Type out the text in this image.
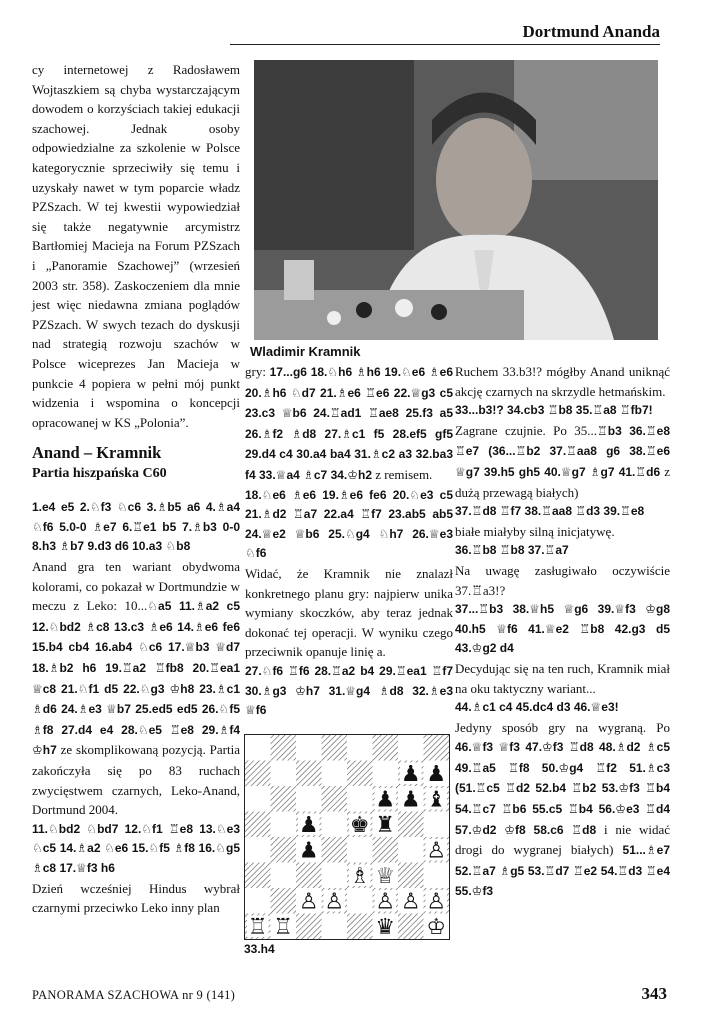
Dortmund Ananda

cy internetowej z Radosławem Wojtaszkiem są chyba wystarczającym dowodem o korzyściach takiej edukacji szachowej. Jednak osoby odpowiedzialne za szkolenie w Polsce kategorycznie sprzeciwiły się temu i uzyskały nawet w tym poparcie władz PZSzach. W tej kwestii wypowiedział się także negatywnie arcymistrz Bartłomiej Macieja na Forum PZSzach i „Panoramie Szachowej” (wrzesień 2003 str. 358). Zaskoczeniem dla mnie jest więc niedawna zmiana poglądów PZSzach. W swych tezach do dyskusji nad strategią rozwoju szachów w Polsce wiceprezes Jan Macieja w punkcie 4 popiera w pełni mój punkt widzenia i wspomina o koncepcji opracowanej w KS „Polonia”.

Anand – Kramnik

Partia hiszpańska C60

1.e4 e5 2.♘f3 ♘c6 3.♗b5 a6 4.♗a4 ♘f6 5.0-0 ♗e7 6.♖e1 b5 7.♗b3 0-0 8.h3 ♗b7 9.d3 d6 10.a3 ♘b8

Anand gra ten wariant obydwoma kolorami, co pokazał w Dortmundzie w meczu z Leko: 10...♘a5 11.♗a2 c5 12.♘bd2 ♗c8 13.c3 ♗e6 14.♗e6 fe6 15.b4 cb4 16.ab4 ♘c6 17.♕b3 ♕d7 18.♗b2 h6 19.♖a2 ♖fb8 20.♖ea1 ♕c8 21.♘f1 d5 22.♘g3 ♔h8 23.♗c1 ♗d6 24.♗e3 ♕b7 25.ed5 ed5 26.♘f5 ♗f8 27.d4 e4 28.♘e5 ♖e8 29.♗f4 ♔h7 ze skomplikowaną pozycją. Partia zakończyła się po 83 ruchach zwycięstwem czarnych, Leko-Anand, Dortmund 2004.

11.♘bd2 ♘bd7 12.♘f1 ♖e8 13.♘e3 ♘c5 14.♗a2 ♘e6 15.♘f5 ♗f8 16.♘g5 ♗c8 17.♕f3 h6

Dzień wcześniej Hindus wybrał czarnymi przeciwko Leko inny plan

Wladimir Kramnik

gry: 17...g6 18.♘h6 ♗h6 19.♘e6 ♗e6 20.♗h6 ♘d7 21.♗e6 ♖e6 22.♕g3 c5 23.c3 ♕b6 24.♖ad1 ♖ae8 25.f3 a5 26.♗f2 ♗d8 27.♗c1 f5 28.ef5 gf5 29.d4 c4 30.a4 ba4 31.♗c2 a3 32.ba3 f4 33.♕a4 ♗c7 34.♔h2 z remisem.

18.♘e6 ♗e6 19.♗e6 fe6 20.♘e3 c5 21.♗d2 ♖a7 22.a4 ♖f7 23.ab5 ab5 24.♕e2 ♕b6 25.♘g4 ♘h7 26.♕e3 ♘f6

Widać, że Kramnik nie znalazł konkretnego planu gry: najpierw unika wymiany skoczków, aby teraz jednak dokonać tej operacji. W wyniku czego przeciwnik opanuje linię a.

27.♘f6 ♖f6 28.♖a2 b4 29.♖ea1 ♖f7 30.♗g3 ♔h7 31.♕g4 ♗d8 32.♗e3 ♕f6

♜
♛
♚
♟
♟ ♟
♟
♟
♟
♝
♖ ♖	♔
♗ ♕
♙ ♙ ♙ ♙ ♙
♙
33.h4

Ruchem 33.b3!? mógłby Anand uniknąć akcję czarnych na skrzydle hetmańskim.

33...b3!? 34.cb3 ♖b8 35.♖a8 ♖fb7!

Zagrane czujnie. Po 35...♖b3 36.♖e8 ♖e7 (36...♖b2 37.♖aa8 g6 38.♖e6 ♕g7 39.h5 gh5 40.♕g7 ♗g7 41.♖d6 z dużą przewagą białych)

37.♖d8 ♖f7 38.♖aa8 ♖d3 39.♖e8

białe miałyby silną inicjatywę.

36.♖b8 ♖b8 37.♖a7

Na uwagę zasługiwało oczywiście 37.♖a3!?

37...♖b3 38.♕h5 ♕g6 39.♕f3 ♔g8 40.h5 ♕f6 41.♕e2 ♖b8 42.g3 d5 43.♔g2 d4

Decydując się na ten ruch, Kramnik miał na oku taktyczny wariant...

44.♗c1 c4 45.dc4 d3 46.♕e3!

Jedyny sposób gry na wygraną. Po 46.♕f3 ♕f3 47.♔f3 ♖d8 48.♗d2 ♗c5 49.♖a5 ♖f8 50.♔g4 ♖f2 51.♗c3 (51.♖c5 ♖d2 52.b4 ♖b2 53.♔f3 ♖b4 54.♖c7 ♖b6 55.c5 ♖b4 56.♔e3 ♖d4 57.♔d2 ♔f8 58.c6 ♖d8 i nie widać drogi do wygranej białych) 51...♗e7 52.♖a7 ♗g5 53.♖d7 ♖e2 54.♖d3 ♖e4 55.♔f3

PANORAMA SZACHOWA nr 9 (141)	343
